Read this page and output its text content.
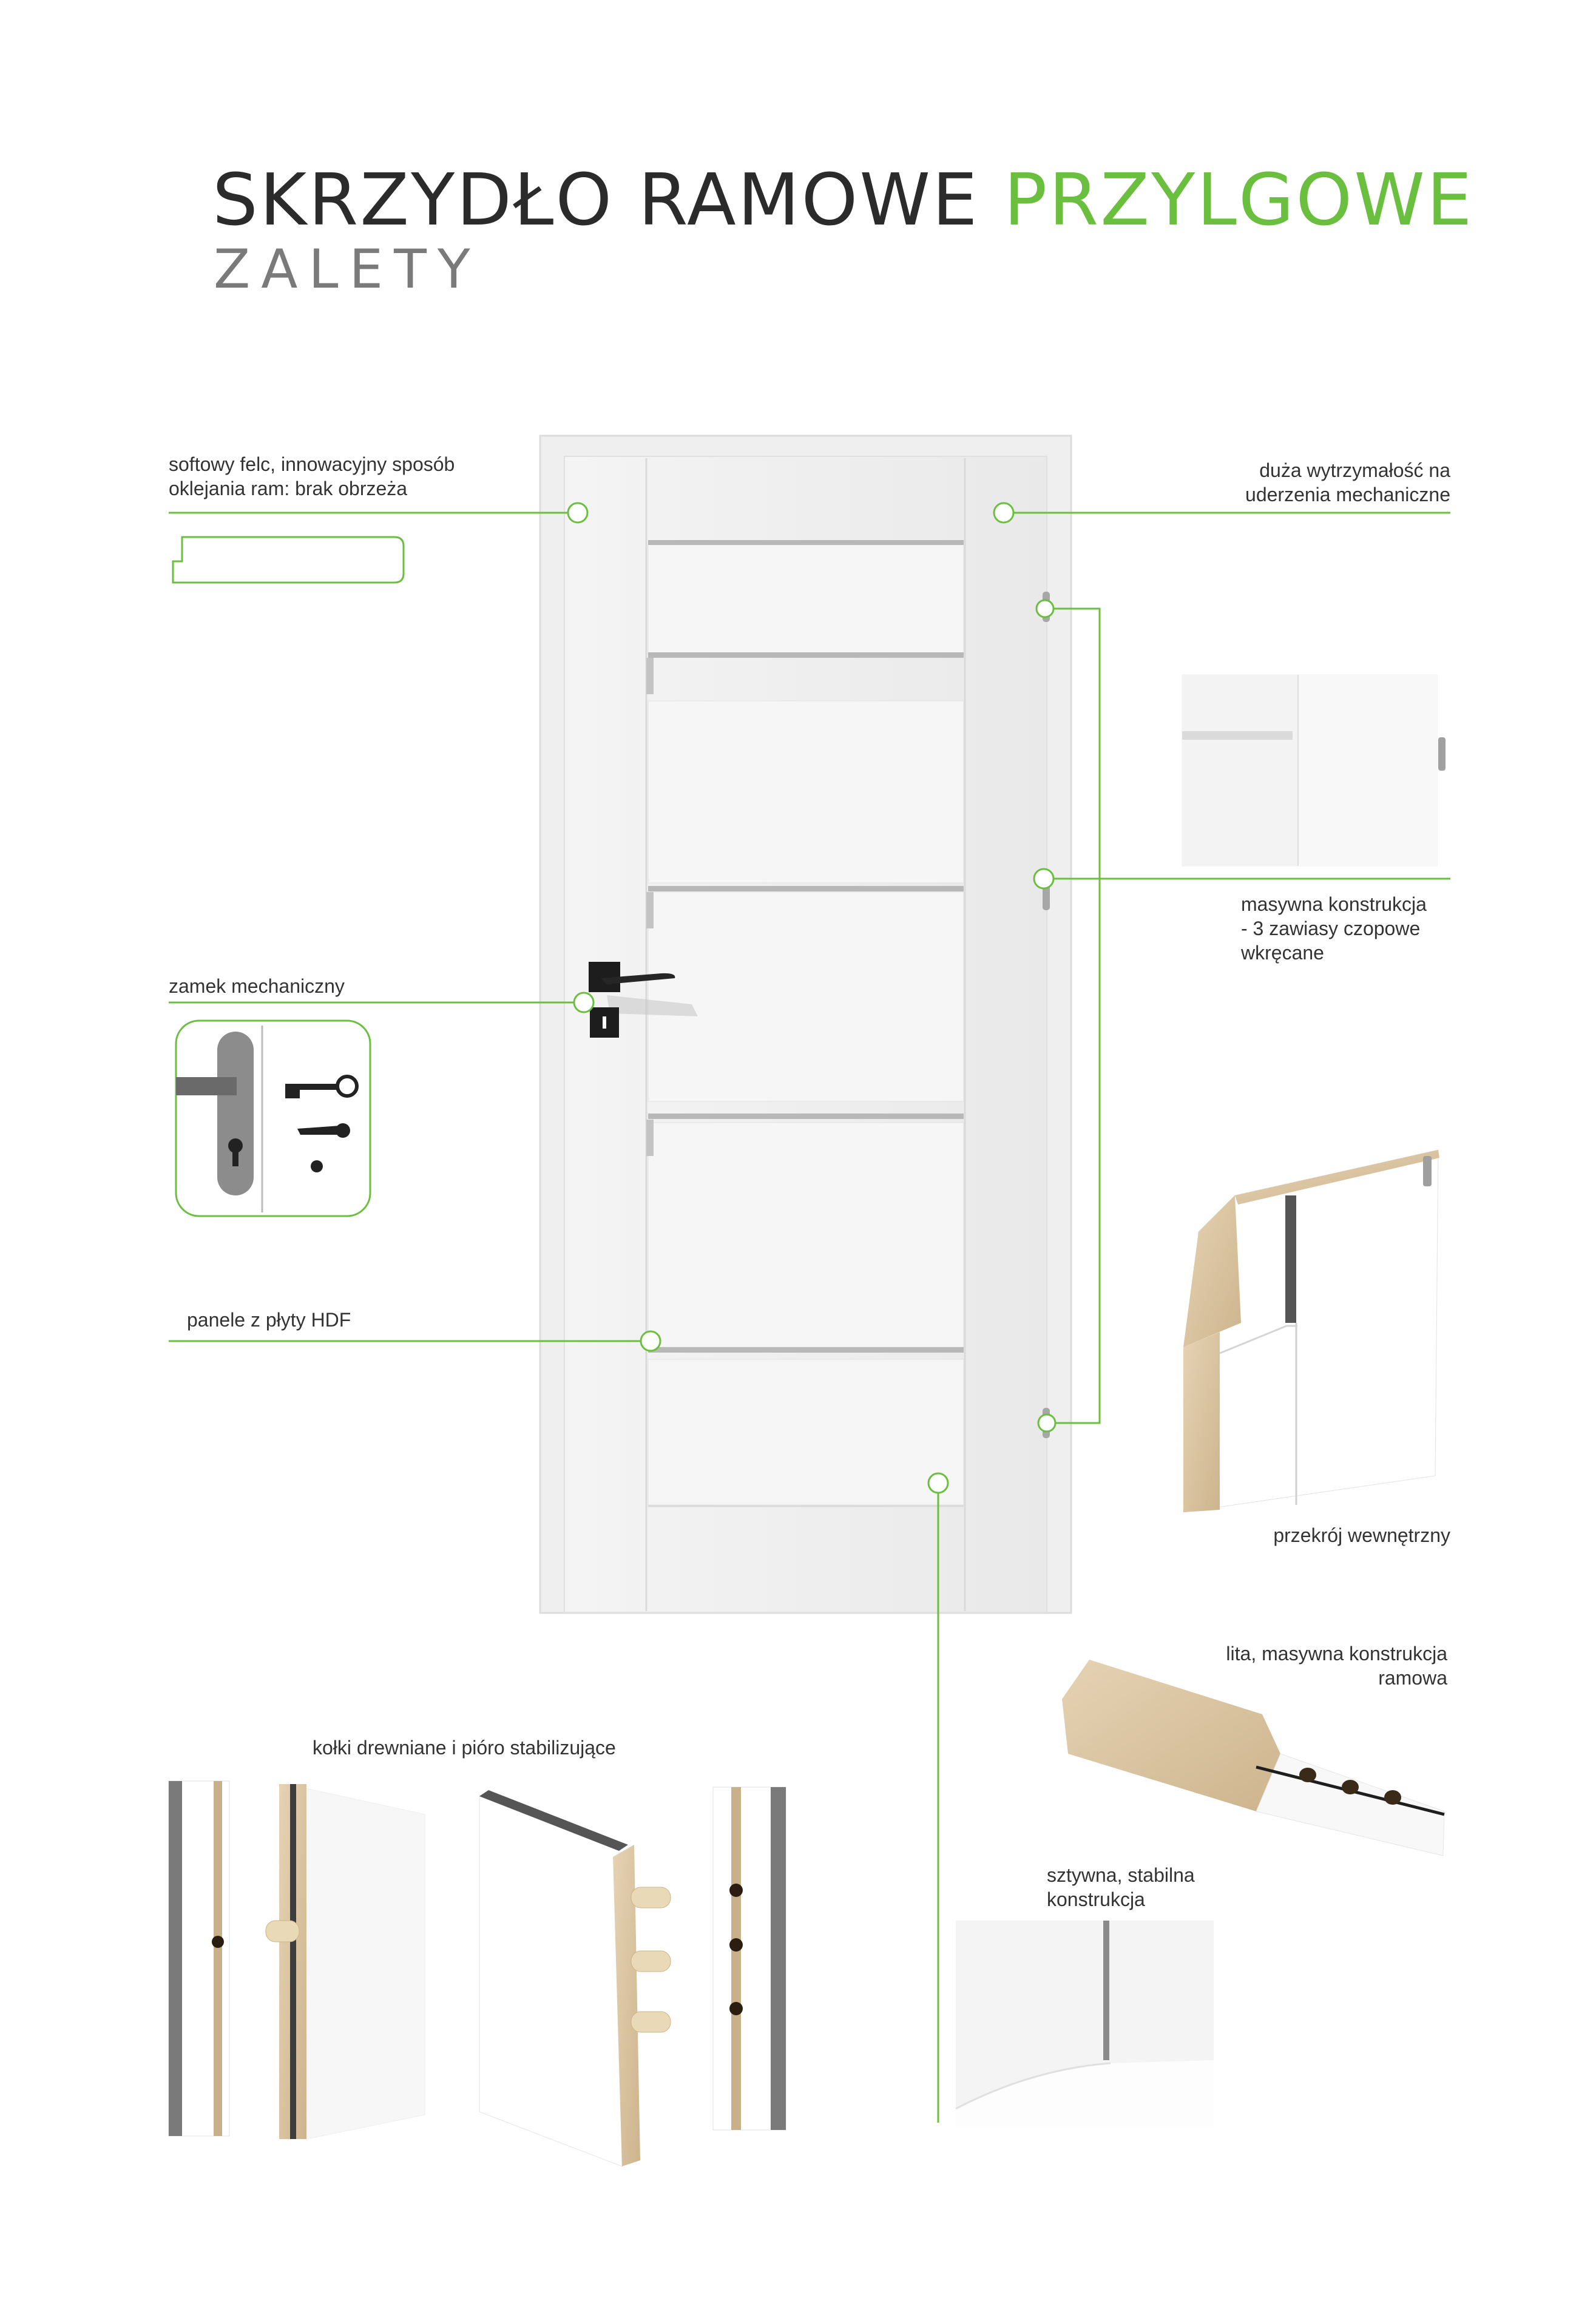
SKRZYDŁO RAMOWE PRZYLGOWE
ZALETY
softowy felc, innowacyjny sposób
oklejania ram: brak obrzeża
duża wytrzymałość na
uderzenia mechaniczne
masywna konstrukcja
- 3 zawiasy czopowe
wkręcane
zamek mechaniczny
panele z płyty HDF
przekrój wewnętrzny
lita, masywna konstrukcja
ramowa
kołki drewniane i pióro stabilizujące
sztywna, stabilna
konstrukcja
